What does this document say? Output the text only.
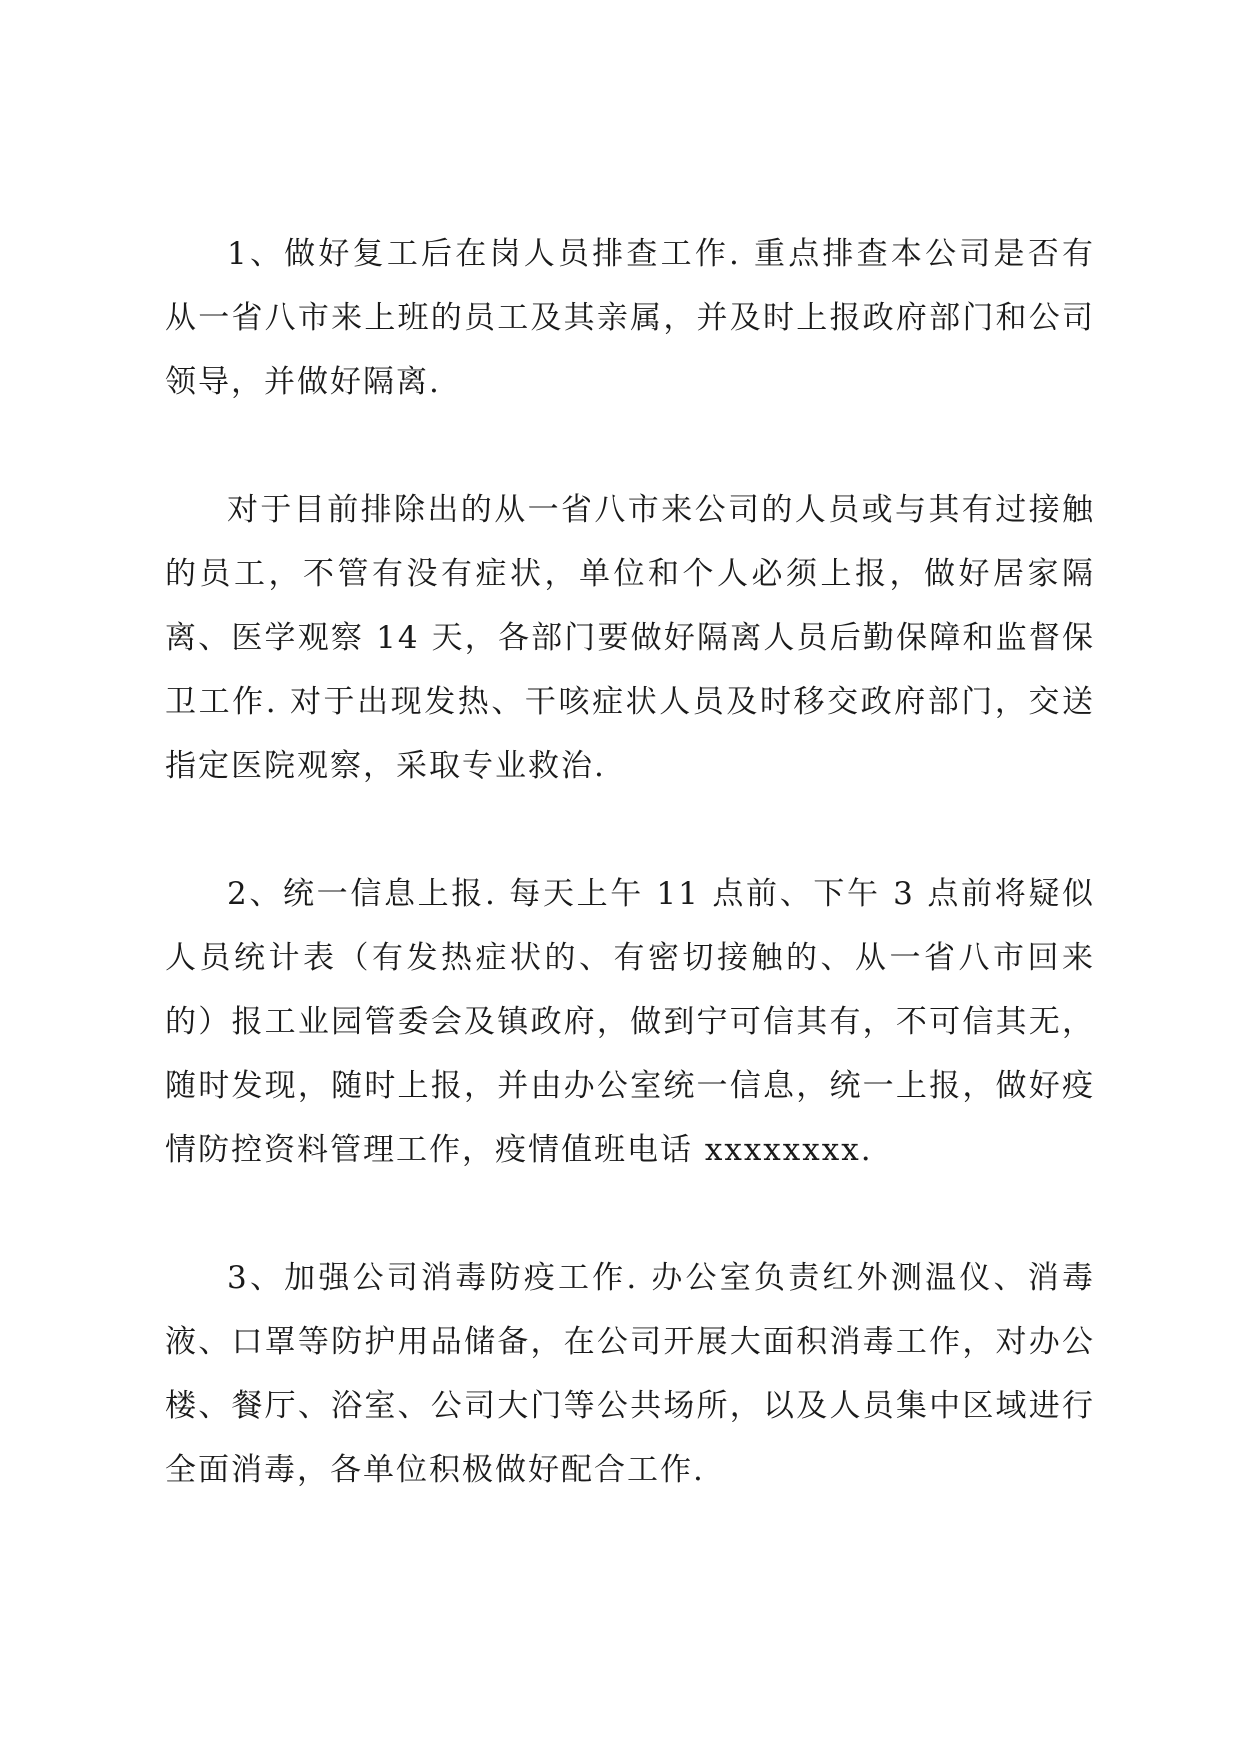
1、做好复工后在岗人员排查工作. 重点排查本公司是否有从一省八市来上班的员工及其亲属，并及时上报政府部门和公司领导，并做好隔离.

对于目前排除出的从一省八市来公司的人员或与其有过接触的员工，不管有没有症状，单位和个人必须上报，做好居家隔离、医学观察 14 天，各部门要做好隔离人员后勤保障和监督保卫工作. 对于出现发热、干咳症状人员及时移交政府部门，交送指定医院观察，采取专业救治.

2、统一信息上报. 每天上午 11 点前、下午 3 点前将疑似人员统计表（有发热症状的、有密切接触的、从一省八市回来的）报工业园管委会及镇政府，做到宁可信其有，不可信其无，随时发现，随时上报，并由办公室统一信息，统一上报，做好疫情防控资料管理工作，疫情值班电话 xxxxxxxx.

3、加强公司消毒防疫工作. 办公室负责红外测温仪、消毒液、口罩等防护用品储备，在公司开展大面积消毒工作，对办公楼、餐厅、浴室、公司大门等公共场所，以及人员集中区域进行全面消毒，各单位积极做好配合工作.
